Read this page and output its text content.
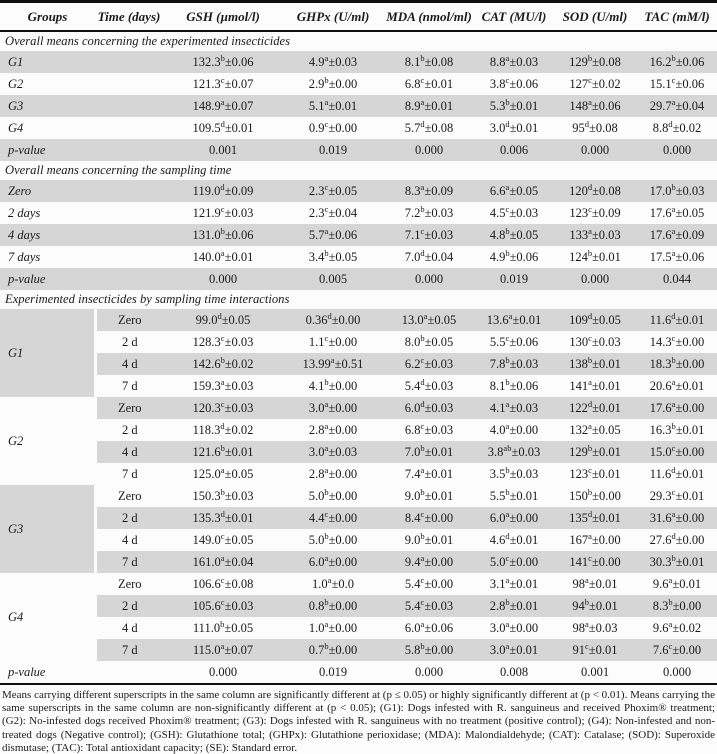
Groups	Time (days)	GSH (µmol/l)	GHPx (U/ml)	MDA (nmol/ml)	CAT (MU/l)	SOD (U/ml)	TAC (mM/l)
Overall means concerning the experimented insecticides							
G1		132.3$^b$±0.06	4.9$^a$±0.03	8.1$^b$±0.08	8.8$^a$±0.03	$129^b\pm 0.08$	16.2$^b$±0.06
G2		121.3$^c$±0.07	2.9$^b$±0.00	6.8$^c$±0.01	3.8$^c$±0.06	$127^c\pm 0.02$	15.1$^c$±0.06
G3		148.9$^a$±0.07	5.1$^a$±0.01	8.9$^a$±0.01	5.3$^b$±0.01	$148^a\pm 0.06$	29.7$^a$±0.04
G4		109.5$^d$±0.01	0.9$^c$±0.00	5.7$^d$±0.08	3.0$^d$±0.01	$95^d\pm 0.08$	8.8$^d$±0.02
p-value		0.001	0.019	0.000	0.006	0.000	0.000
Overall means concerning the sampling time							
Zero		119.0$^d$±0.09	2.3$^c$±0.05	8.3$^a$±0.09	6.6$^a$±0.05	$120^d\pm 0.08$	17.0$^b$±0.03
2 days		121.9$^c$±0.03	2.3$^c$±0.04	7.2$^b$±0.03	4.5$^c$±0.03	$123^c\pm 0.09$	17.6$^a$±0.05
4 days		131.0$^b$±0.06	5.7$^a$±0.06	7.1$^c$±0.03	4.8$^b$±0.05	$133^a\pm 0.03$	17.6$^a$±0.09
7 days		140.0$^a$±0.01	3.4$^b$±0.05	7.0$^d$±0.04	4.9$^b$±0.06	$124^b\pm 0.01$	17.5$^a$±0.06
p-value		0.000	0.005	0.000	0.019	0.000	0.044
Experimented insecticides by sampling time interactions							
G1	Zero	99.0$^d$±0.05	0.36$^d$±0.00	13.0$^a$±0.05	13.6$^a$±0.01	$109^d\pm 0.05$	11.6$^d$±0.01
	2 d	128.3$^c$±0.03	1.1$^c$±0.00	8.0$^b$±0.05	5.5$^c$±0.06	$130^c\pm 0.03$	14.3$^c$±0.00
	4 d	142.6$^b$±0.02	13.99$^a$±0.51	6.2$^c$±0.03	7.8$^b$±0.03	$138^b\pm 0.01$	18.3$^b$±0.00
	7 d	159.3$^a$±0.03	4.1$^b$±0.00	5.4$^d$±0.03	8.1$^b$±0.06	$141^a\pm 0.01$	20.6$^a$±0.01
G2	Zero	120.3$^c$±0.03	3.0$^a$±0.00	6.0$^d$±0.03	4.1$^a$±0.03	$122^d\pm 0.01$	17.6$^a$±0.00
	2 d	118.3$^d$±0.02	2.8$^a$±0.00	6.8$^c$±0.03	4.0$^a$±0.00	$132^a\pm 0.05$	16.3$^b$±0.01
	4 d	121.6$^b$±0.01	3.0$^a$±0.03	7.0$^b$±0.01	3.8$^{ab}$±0.03	$129^b\pm 0.01$	15.0$^c$±0.00
	7 d	125.0$^a$±0.05	2.8$^a$±0.00	7.4$^a$±0.01	3.5$^b$±0.03	$123^c\pm 0.01$	11.6$^d$±0.01
G3	Zero	150.3$^b$±0.03	5.0$^b$±0.00	9.0$^b$±0.01	5.5$^b$±0.01	$150^b\pm 0.00$	29.3$^c$±0.01
	2 d	135.3$^d$±0.01	4.4$^c$±0.00	8.4$^c$±0.00	6.0$^a$±0.00	$135^d\pm 0.01$	31.6$^a$±0.00
	4 d	149.0$^c$±0.05	5.0$^b$±0.00	9.0$^b$±0.01	4.6$^d$±0.01	$167^a\pm 0.00$	27.6$^d$±0.00
	7 d	161.0$^a$±0.04	6.0$^a$±0.00	9.4$^a$±0.00	5.0$^c$±0.00	$141^c\pm 0.00$	30.3$^b$±0.01
G4	Zero	106.6$^c$±0.08	1.0$^a$±0.0	5.4$^c$±0.00	3.1$^a$±0.01	$98^a\pm 0.01$	9.6$^a$±0.01
	2 d	105.6$^c$±0.03	0.8$^b$±0.00	5.4$^c$±0.03	2.8$^b$±0.01	$94^b\pm 0.01$	8.3$^b$±0.00
	4 d	111.0$^b$±0.05	1.0$^a$±0.00	6.0$^a$±0.06	3.0$^a$±0.00	$98^a\pm 0.03$	9.6$^a$±0.02
	7 d	115.0$^a$±0.07	0.7$^b$±0.00	5.8$^b$±0.00	3.0$^a$±0.01	$91^c\pm 0.01$	7.6$^c$±0.00
p-value		0.000	0.019	0.000	0.008	0.001	0.000
Means carrying different superscripts in the same column are significantly different at (p ≤ 0.05) or highly significantly different at (p < 0.01). Means carrying the same superscripts in the same column are non-significantly different at (p < 0.05); (G1): Dogs infested with R. sanguineus and received Phoxim® treatment; (G2): No-infested dogs received Phoxim® treatment; (G3): Dogs infested with R. sanguineus with no treatment (positive control); (G4): Non-infested and non-treated dogs (Negative control); (GSH): Glutathione total; (GHPx): Glutathione perioxidase; (MDA): Malondialdehyde; (CAT): Catalase; (SOD): Superoxide dismutase; (TAC): Total antioxidant capacity; (SE): Standard error.
